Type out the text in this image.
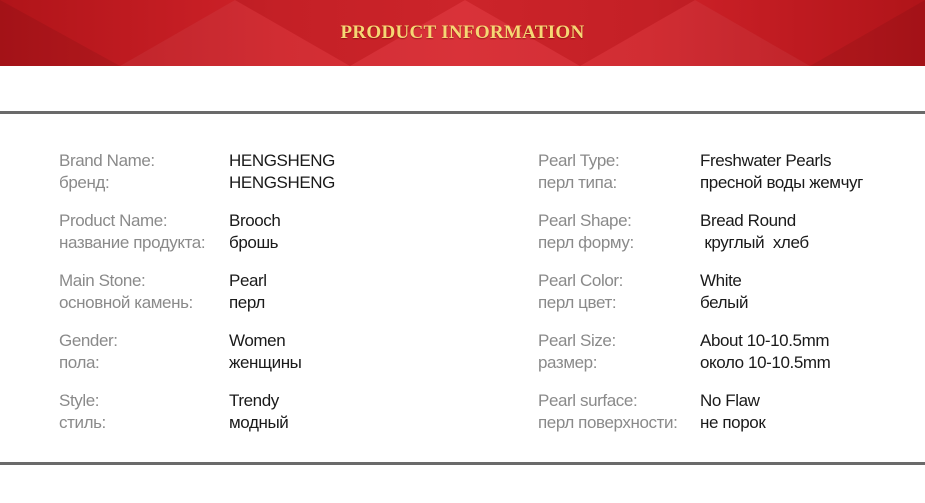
PRODUCT INFORMATION
Brand Name:
бренд:
HENGSHENG
HENGSHENG
Pearl Type:
перл типа:
Freshwater Pearls
пресной воды жемчуг
Product Name:
название продукта:
Brooch
брошь
Pearl Shape:
перл форму:
Bread Round
круглый  хлеб
Main Stone:
основной камень:
Pearl
перл
Pearl Color:
перл цвет:
White
белый
Gender:
пола:
Women
женщины
Pearl Size:
размер:
About 10-10.5mm
около 10-10.5mm
Style:
стиль:
Trendy
модный
Pearl surface:
перл поверхности:
No Flaw
не порок
